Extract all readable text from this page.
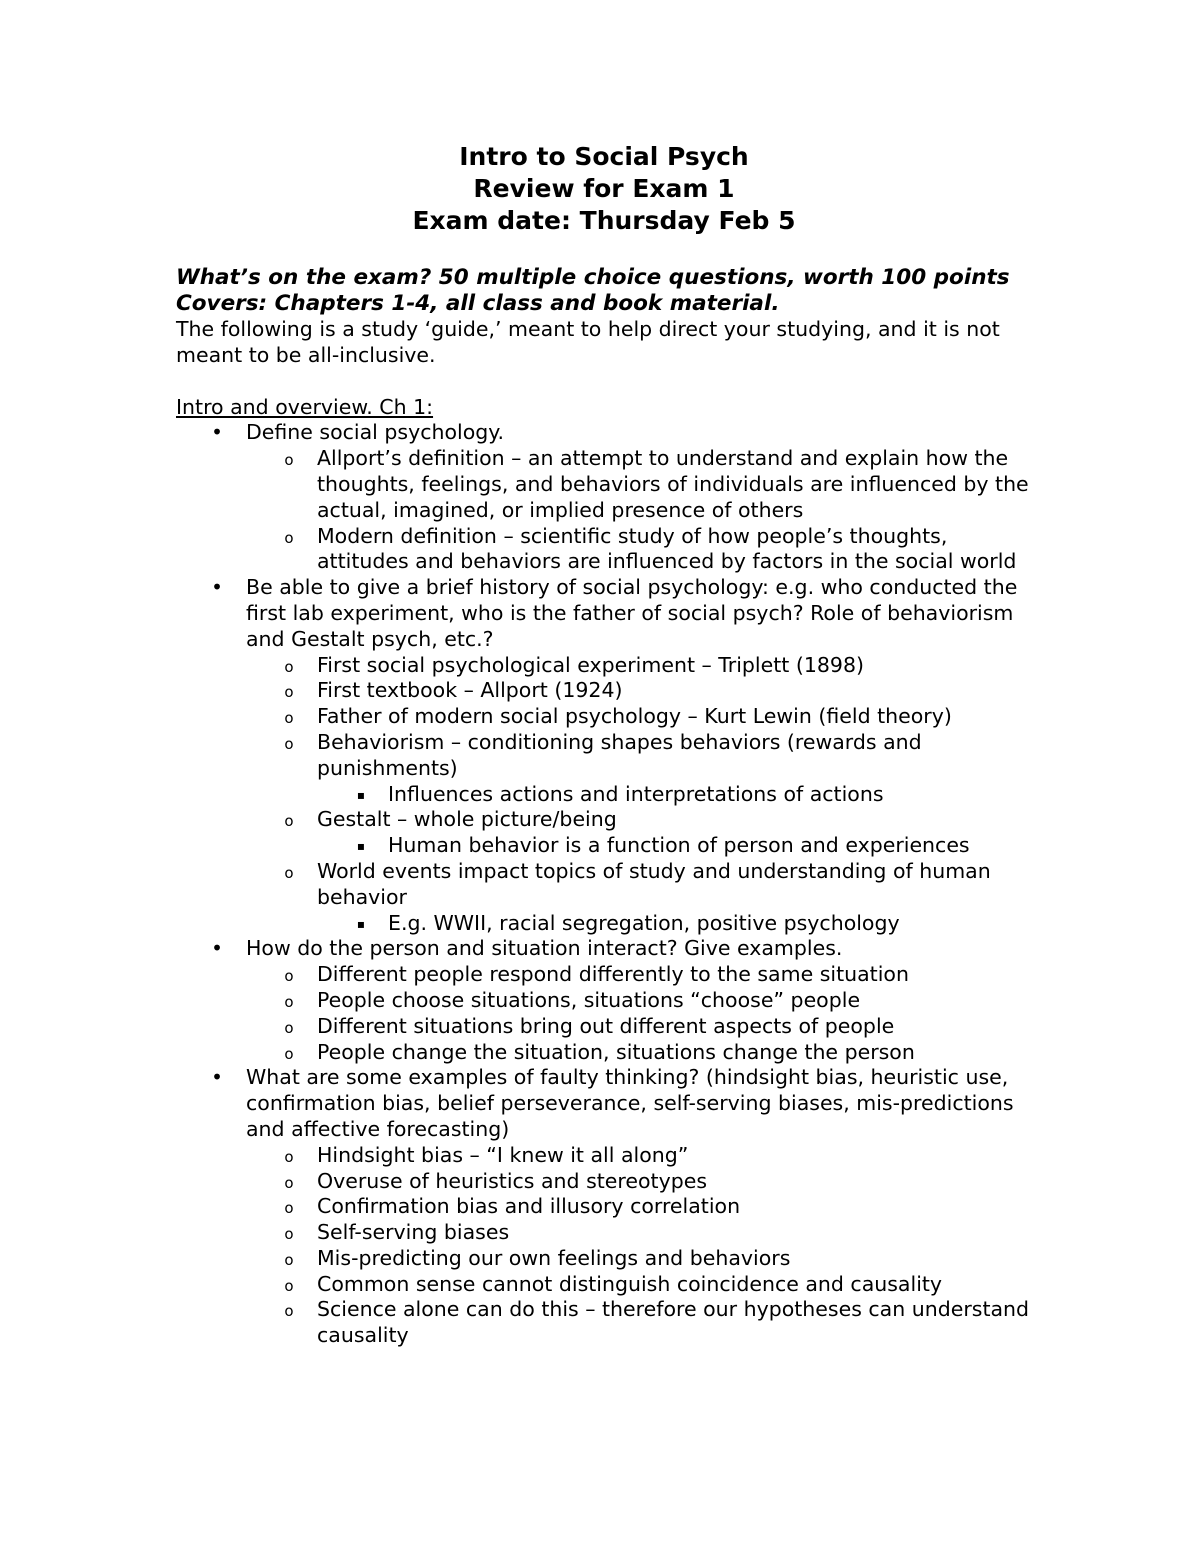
Intro to Social Psych
Review for Exam 1
Exam date: Thursday Feb 5
What’s on the exam? 50 multiple choice questions, worth 100 points
Covers: Chapters 1-4, all class and book material.
The following is a study ‘guide,’ meant to help direct your studying, and it is not meant to be all-inclusive.
Intro and overview. Ch 1:
• Define social psychology.
o Allport’s definition – an attempt to understand and explain how the thoughts, feelings, and behaviors of individuals are influenced by the actual, imagined, or implied presence of others
o Modern definition – scientific study of how people’s thoughts, attitudes and behaviors are influenced by factors in the social world
• Be able to give a brief history of social psychology: e.g. who conducted the first lab experiment, who is the father of social psych? Role of behaviorism and Gestalt psych, etc.?
o First social psychological experiment – Triplett (1898)
o First textbook – Allport (1924)
o Father of modern social psychology – Kurt Lewin (field theory)
o Behaviorism – conditioning shapes behaviors (rewards and punishments)
▪ Influences actions and interpretations of actions
o Gestalt – whole picture/being
▪ Human behavior is a function of person and experiences
o World events impact topics of study and understanding of human behavior
▪ E.g. WWII, racial segregation, positive psychology
• How do the person and situation interact? Give examples.
o Different people respond differently to the same situation
o People choose situations, situations “choose” people
o Different situations bring out different aspects of people
o People change the situation, situations change the person
• What are some examples of faulty thinking? (hindsight bias, heuristic use, confirmation bias, belief perseverance, self-serving biases, mis-predictions and affective forecasting)
o Hindsight bias – “I knew it all along”
o Overuse of heuristics and stereotypes
o Confirmation bias and illusory correlation
o Self-serving biases
o Mis-predicting our own feelings and behaviors
o Common sense cannot distinguish coincidence and causality
o Science alone can do this – therefore our hypotheses can understand causality
